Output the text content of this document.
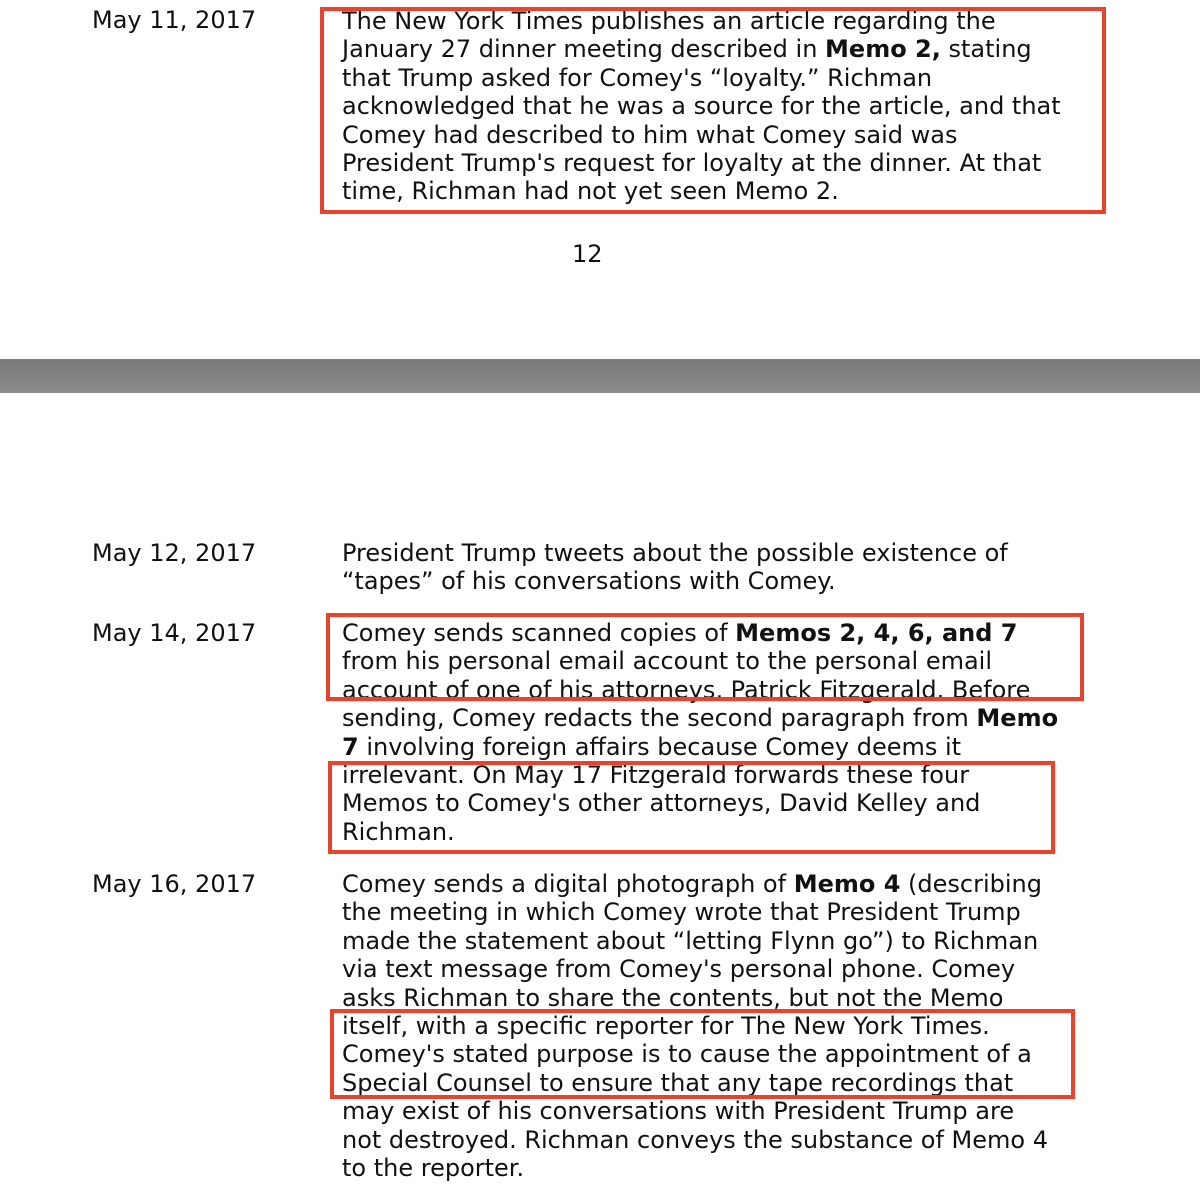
May 11, 2017	The New York Times publishes an article regarding the
January 27 dinner meeting described in Memo 2, stating
that Trump asked for Comey's “loyalty.” Richman
acknowledged that he was a source for the article, and that
Comey had described to him what Comey said was
President Trump's request for loyalty at the dinner. At that
time, Richman had not yet seen Memo 2.
12
May 12, 2017	President Trump tweets about the possible existence of
“tapes” of his conversations with Comey.
May 14, 2017	Comey sends scanned copies of Memos 2, 4, 6, and 7
from his personal email account to the personal email
account of one of his attorneys, Patrick Fitzgerald. Before
sending, Comey redacts the second paragraph from Memo
7 involving foreign affairs because Comey deems it
irrelevant. On May 17 Fitzgerald forwards these four
Memos to Comey's other attorneys, David Kelley and
Richman.
May 16, 2017	Comey sends a digital photograph of Memo 4 (describing
the meeting in which Comey wrote that President Trump
made the statement about “letting Flynn go”) to Richman
via text message from Comey's personal phone. Comey
asks Richman to share the contents, but not the Memo
itself, with a specific reporter for The New York Times.
Comey's stated purpose is to cause the appointment of a
Special Counsel to ensure that any tape recordings that
may exist of his conversations with President Trump are
not destroyed. Richman conveys the substance of Memo 4
to the reporter.
